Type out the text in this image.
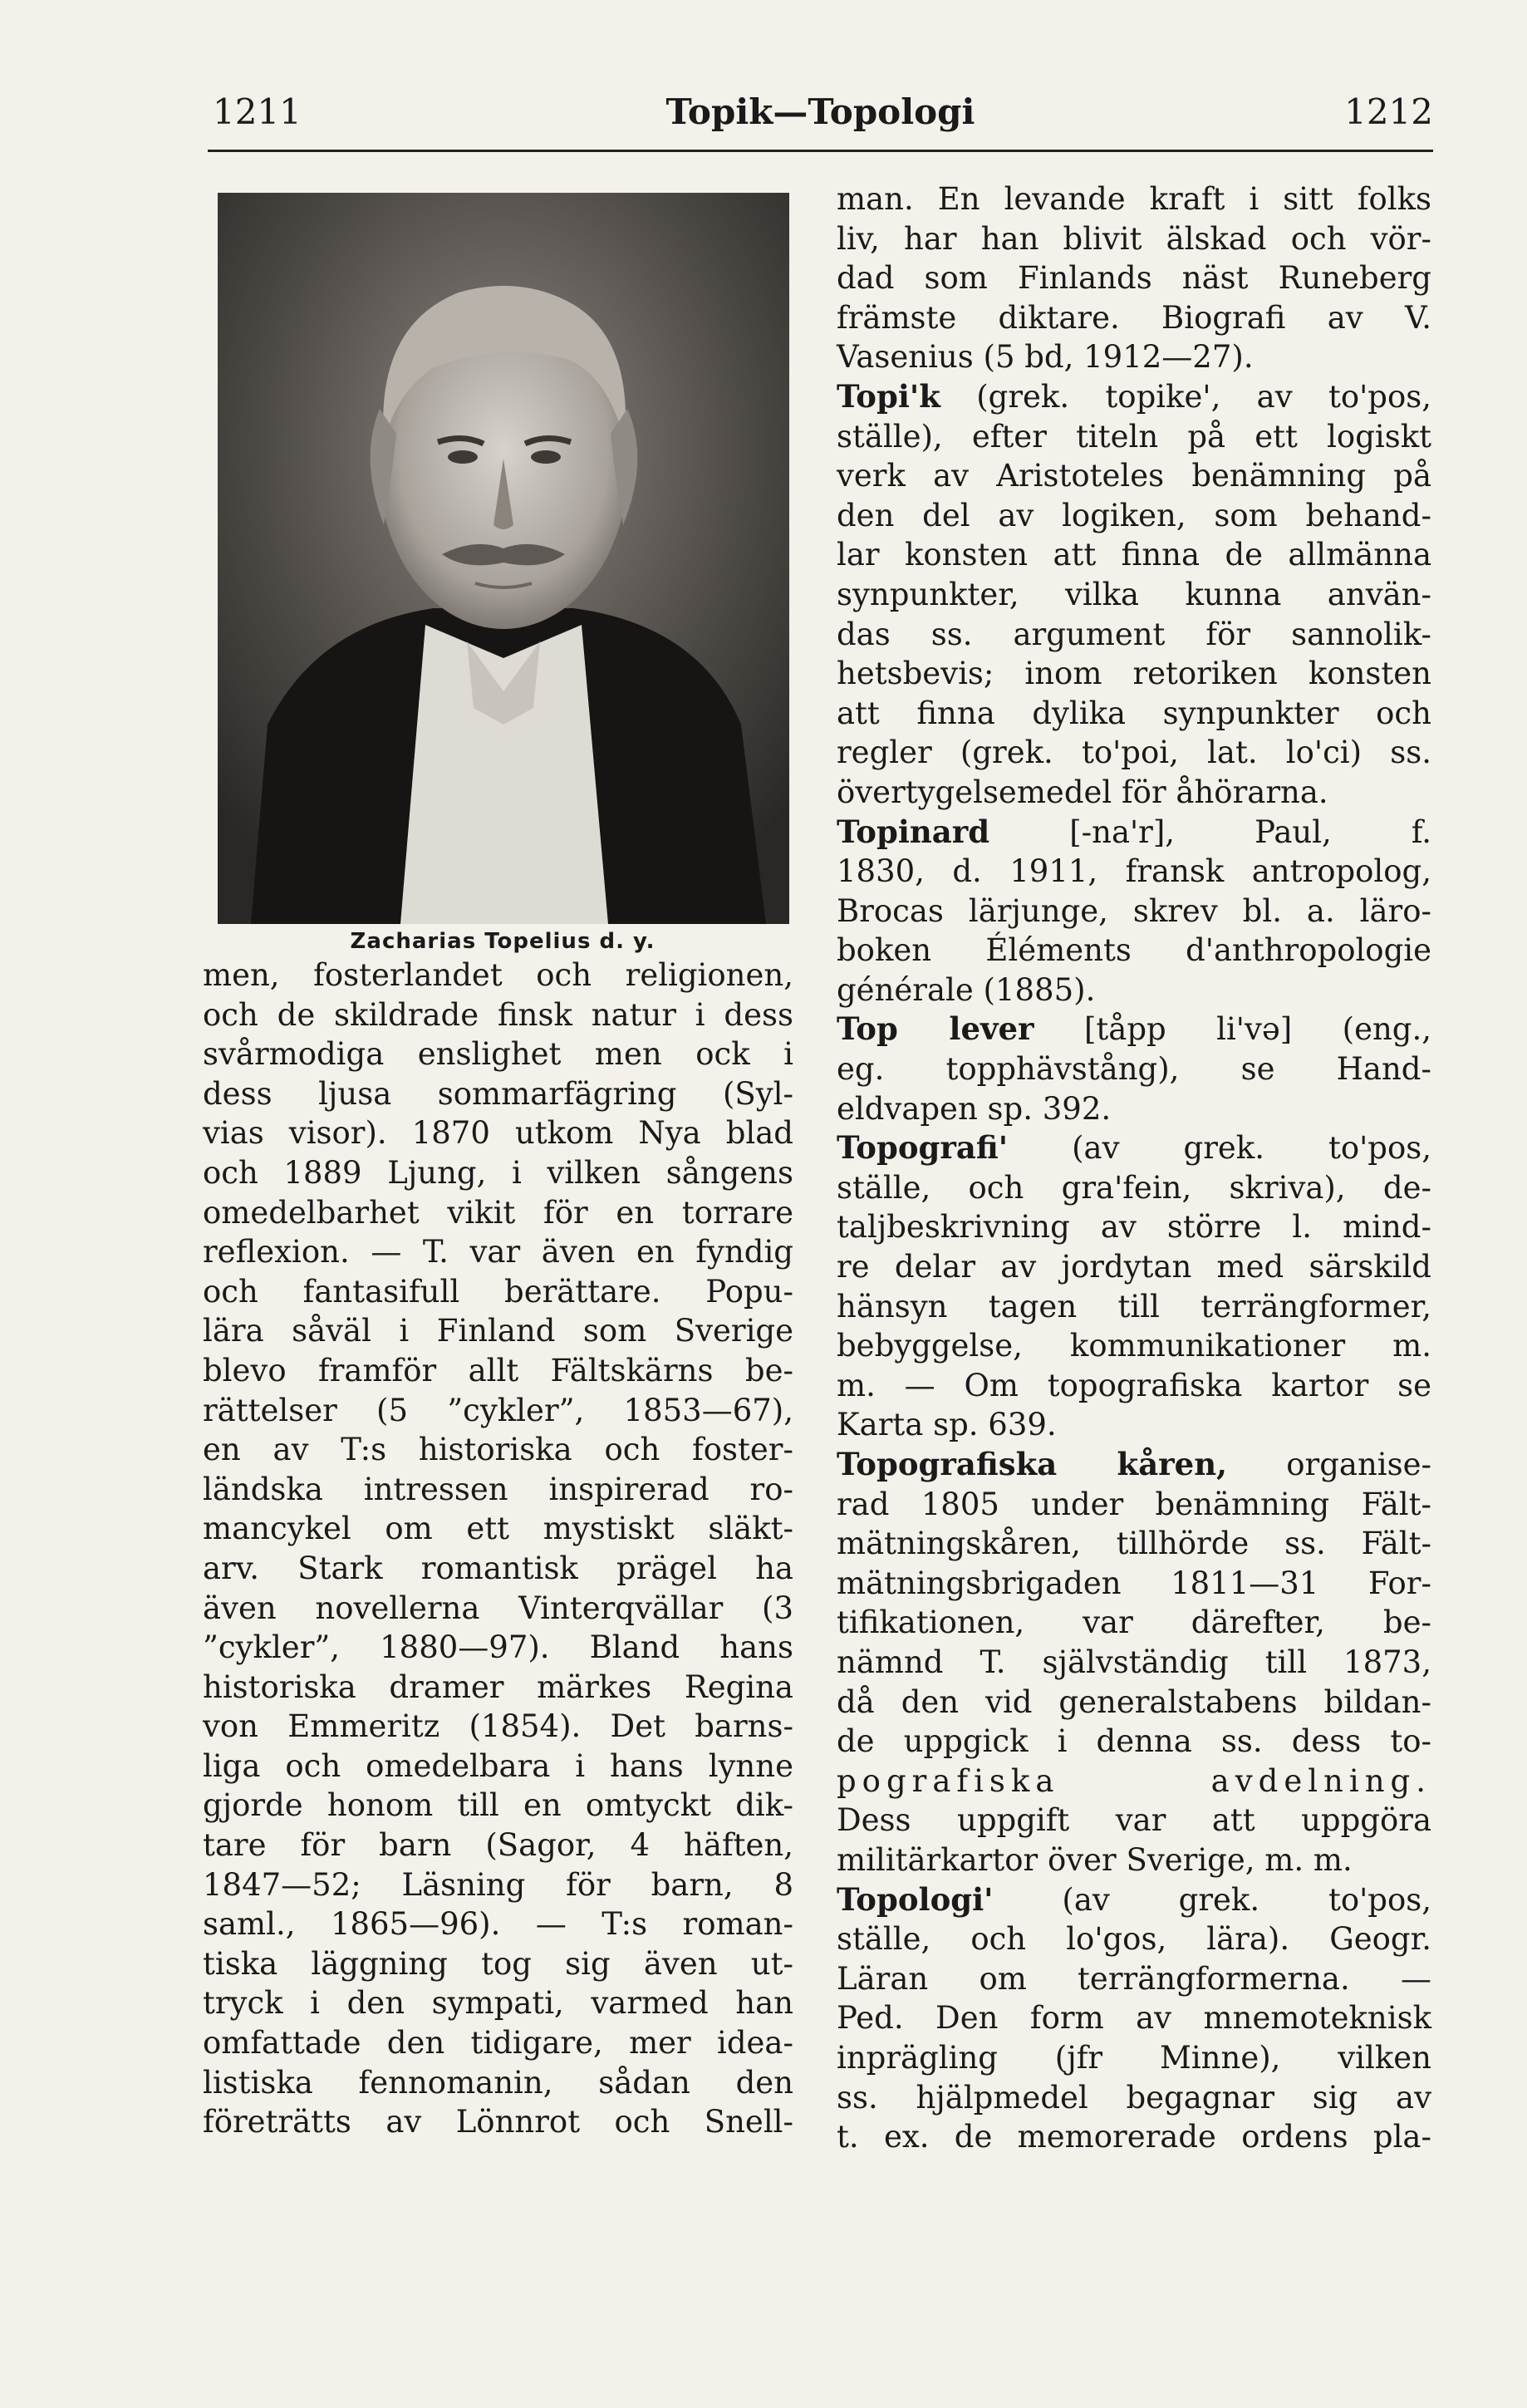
1211	Topik—Topologi	1212
Zacharias Topelius d. y.

men, fosterlandet och religionen,

och de skildrade finsk natur i dess

svårmodiga enslighet men ock i

dess ljusa sommarfägring (Syl-

vias visor). 1870 utkom Nya blad

och 1889 Ljung, i vilken sångens

omedelbarhet vikit för en torrare

reflexion. — T. var även en fyndig

och fantasifull berättare. Popu-

lära såväl i Finland som Sverige

blevo framför allt Fältskärns be-

rättelser (5 ”cykler”, 1853—67),

en av T:s historiska och foster-

ländska intressen inspirerad ro-

mancykel om ett mystiskt släkt-

arv. Stark romantisk prägel ha

även novellerna Vinterqvällar (3

”cykler”, 1880—97). Bland hans

historiska dramer märkes Regina

von Emmeritz (1854). Det barns-

liga och omedelbara i hans lynne

gjorde honom till en omtyckt dik-

tare för barn (Sagor, 4 häften,

1847—52; Läsning för barn, 8

saml., 1865—96). — T:s roman-

tiska läggning tog sig även ut-

tryck i den sympati, varmed han

omfattade den tidigare, mer idea-

listiska fennomanin, sådan den

företrätts av Lönnrot och Snell-

man. En levande kraft i sitt folks

liv, har han blivit älskad och vör-

dad som Finlands näst Runeberg

främste diktare. Biografi av V.

Vasenius (5 bd, 1912—27).

Topi'k (grek. topike', av to'pos,

ställe), efter titeln på ett logiskt

verk av Aristoteles benämning på

den del av logiken, som behand-

lar konsten att finna de allmänna

synpunkter, vilka kunna använ-

das ss. argument för sannolik-

hetsbevis; inom retoriken konsten

att finna dylika synpunkter och

regler (grek. to'poi, lat. lo'ci) ss.

övertygelsemedel för åhörarna.

Topinard	[-na'r], Paul, f.

1830, d. 1911, fransk antropolog,

Brocas lärjunge, skrev bl. a. läro-

boken Éléments d'anthropologie

générale (1885).

Top lever [tåpp li'və] (eng.,

eg. topphävstång), se Hand-

eldvapen sp. 392.

Topografi' (av grek. to'pos,

ställe, och gra'fein, skriva), de-

taljbeskrivning av större l. mind-

re delar av jordytan med särskild

hänsyn tagen till terrängformer,

bebyggelse, kommunikationer m.

m. — Om topografiska kartor se

Karta sp. 639.

Topografiska kåren, organise-

rad 1805 under benämning Fält-

mätningskåren, tillhörde ss. Fält-

mätningsbrigaden 1811—31 For-

tifikationen, var därefter, be-

nämnd T. självständig till 1873,

då den vid generalstabens bildan-

de uppgick i denna ss. dess to-

pografiska avdelning.

Dess uppgift var att uppgöra

militärkartor över Sverige, m. m.

Topologi' (av grek. to'pos,

ställe, och lo'gos, lära). Geogr.

Läran om terrängformerna. —

Ped. Den form av mnemoteknisk

inprägling (jfr Minne), vilken

ss. hjälpmedel begagnar sig av

t. ex. de memorerade ordens pla-
